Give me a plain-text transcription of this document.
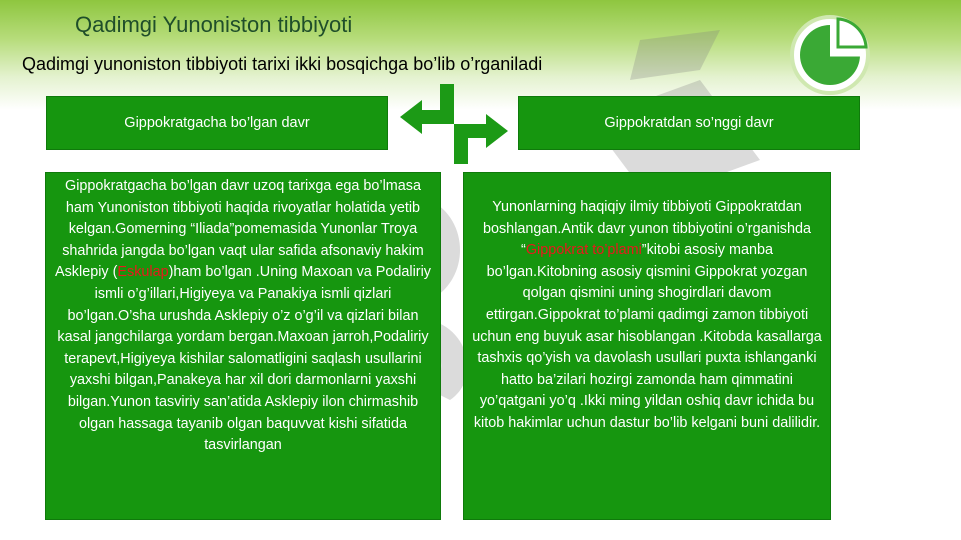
Qadimgi Yunoniston tibbiyoti
Qadimgi yunoniston tibbiyoti tarixi ikki bosqichga bo’lib o’rganiladi
Gippokratgacha bo’lgan davr	Gippokratdan so’nggi davr
Gippokratgacha bo’lgan davr uzoq tarixga ega bo’lmasa ham Yunoniston tibbiyoti haqida rivoyatlar holatida yetib kelgan.Gomerning “Iliada”pomemasida Yunonlar Troya shahrida jangda bo’lgan vaqt ular safida afsonaviy hakim Asklepiy (Eskulap)ham bo’lgan .Uning Maxoan va Podaliriy ismli o’g’illari,Higiyeya va Panakiya ismli qizlari bo’lgan.O’sha urushda Asklepiy o’z o’g’il va qizlari bilan kasal jangchilarga yordam bergan.Maxoan jarroh,Podaliriy terapevt,Higiyeya kishilar salomatligini saqlash usullarini yaxshi bilgan,Panakeya har xil dori darmonlarni yaxshi bilgan.Yunon tasviriy san’atida Asklepiy ilon chirmashib olgan hassaga tayanib olgan baquvvat kishi sifatida tasvirlangan
Yunonlarning haqiqiy ilmiy tibbiyoti Gippokratdan boshlangan.Antik davr yunon tibbiyotini o’rganishda “Gippokrat to’plami”kitobi asosiy manba bo’lgan.Kitobning asosiy qismini Gippokrat yozgan qolgan qismini uning shogirdlari davom ettirgan.Gippokrat to’plami qadimgi zamon tibbiyoti uchun eng buyuk asar hisoblangan .Kitobda kasallarga tashxis qo’yish va davolash usullari puxta ishlanganki hatto ba’zilari hozirgi zamonda ham qimmatini yo’qatgani yo’q .Ikki ming yildan oshiq davr ichida bu kitob hakimlar uchun dastur bo’lib kelgani buni dalilidir.
